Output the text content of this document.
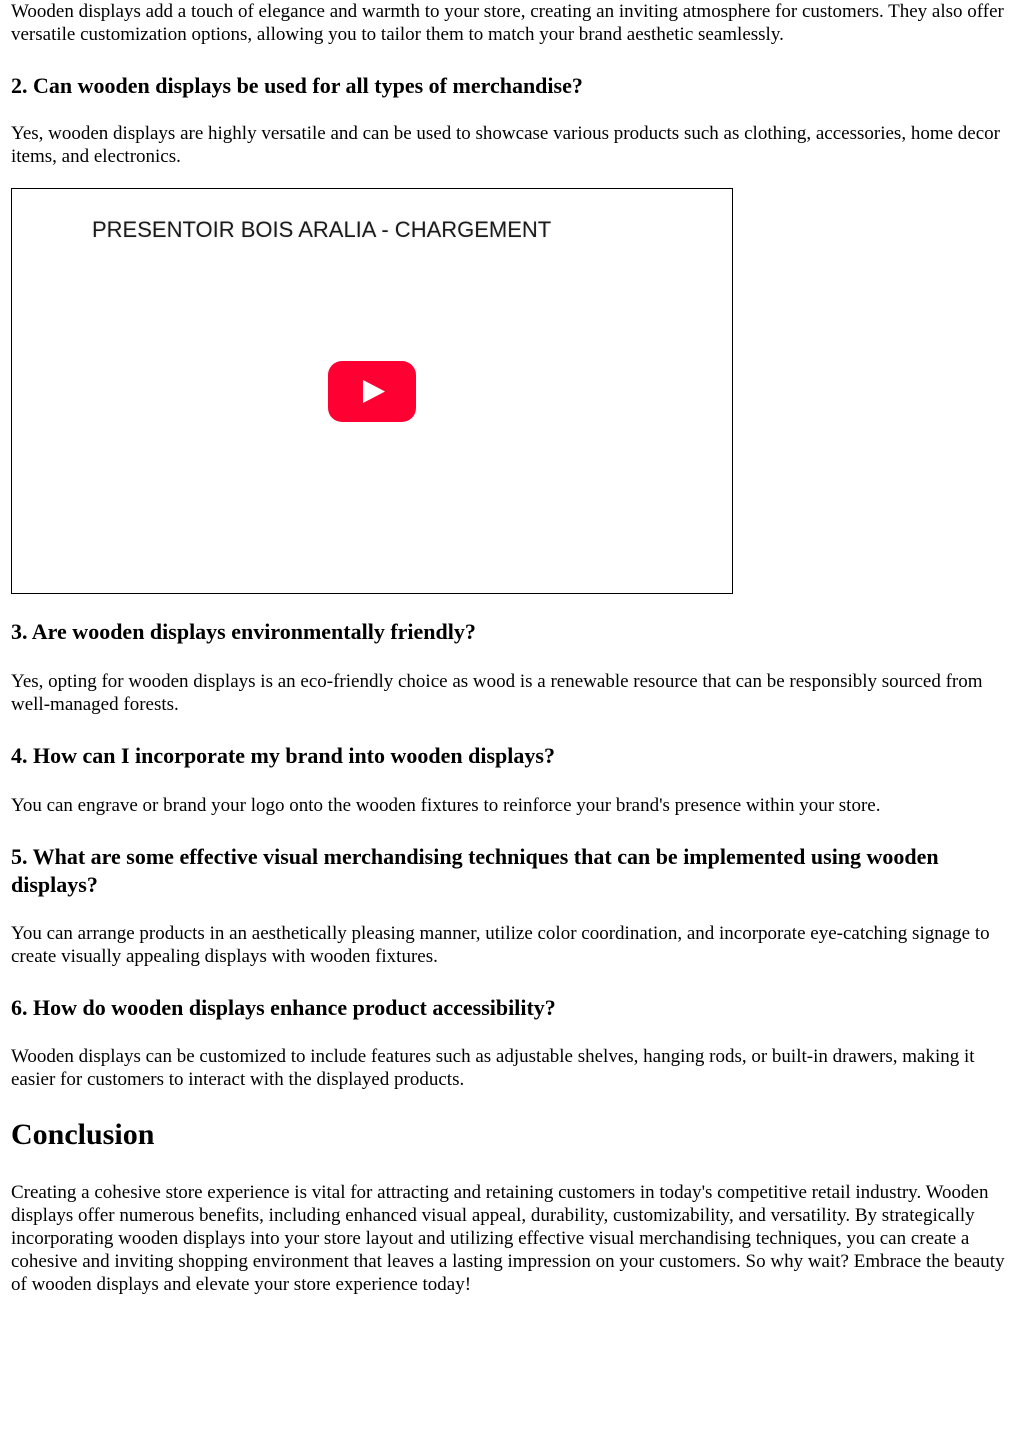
Wooden displays add a touch of elegance and warmth to your store, creating an inviting atmosphere for customers. They also offer versatile customization options, allowing you to tailor them to match your brand aesthetic seamlessly.

2. Can wooden displays be used for all types of merchandise?

Yes, wooden displays are highly versatile and can be used to showcase various products such as clothing, accessories, home decor items, and electronics.

PRESENTOIR BOIS ARALIA - CHARGEMENT
3. Are wooden displays environmentally friendly?

Yes, opting for wooden displays is an eco-friendly choice as wood is a renewable resource that can be responsibly sourced from well-managed forests.

4. How can I incorporate my brand into wooden displays?

You can engrave or brand your logo onto the wooden fixtures to reinforce your brand's presence within your store.

5. What are some effective visual merchandising techniques that can be implemented using wooden displays?

You can arrange products in an aesthetically pleasing manner, utilize color coordination, and incorporate eye-catching signage to create visually appealing displays with wooden fixtures.

6. How do wooden displays enhance product accessibility?

Wooden displays can be customized to include features such as adjustable shelves, hanging rods, or built-in drawers, making it easier for customers to interact with the displayed products.

Conclusion

Creating a cohesive store experience is vital for attracting and retaining customers in today's competitive retail industry. Wooden displays offer numerous benefits, including enhanced visual appeal, durability, customizability, and versatility. By strategically incorporating wooden displays into your store layout and utilizing effective visual merchandising techniques, you can create a cohesive and inviting shopping environment that leaves a lasting impression on your customers. So why wait? Embrace the beauty of wooden displays and elevate your store experience today!
